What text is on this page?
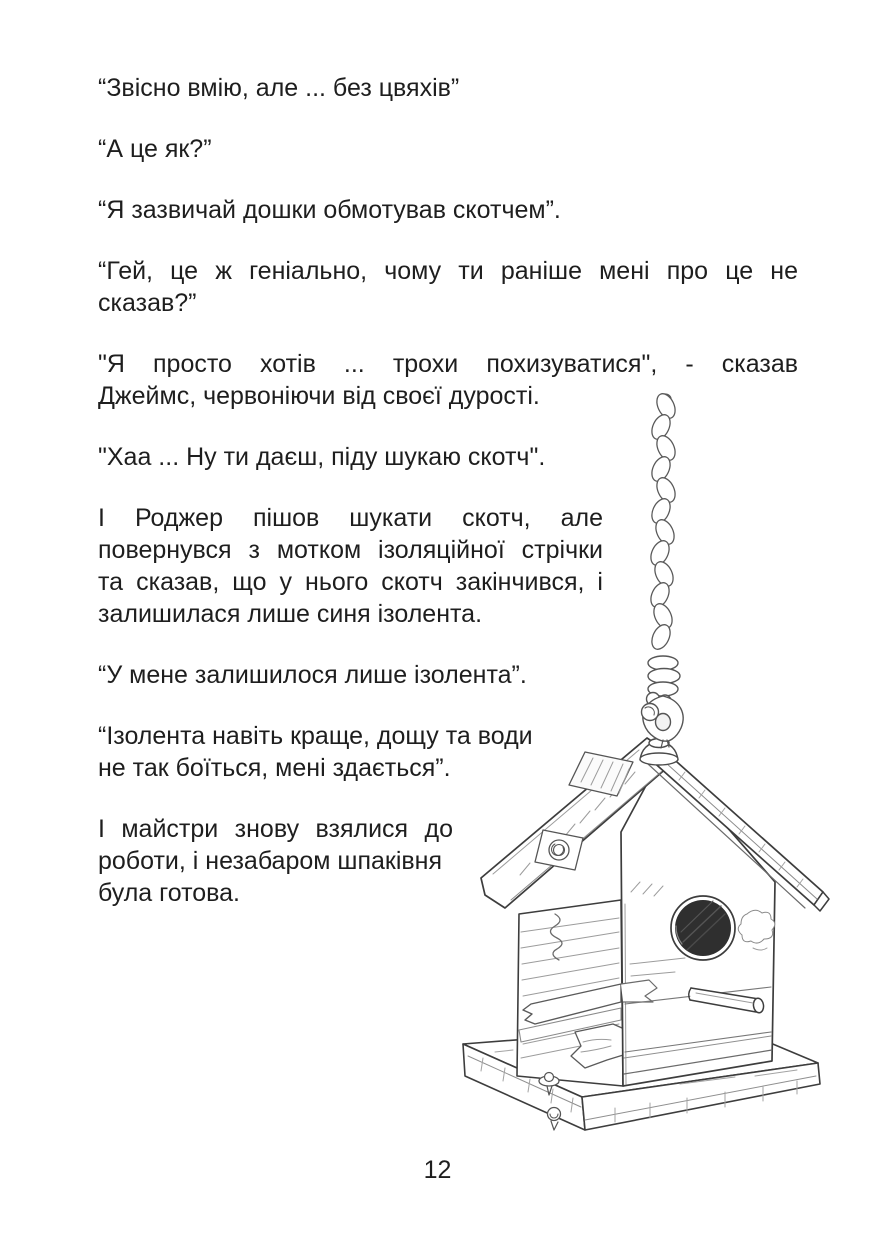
“Звісно вмію, але ... без цвяхів”
“А це як?”
“Я зазвичай дошки обмотував скотчем”.
“Гей, це ж геніально, чому ти раніше мені про це не
сказав?”
"Я просто хотів ... трохи похизуватися", - сказав
Джеймс, червоніючи від своєї дурості.
"Хаа ... Ну ти даєш, піду шукаю скотч".
І Роджер пішов шукати скотч, але
повернувся з мотком ізоляційної стрічки
та сказав, що у нього скотч закінчився, і
залишилася лише синя ізолента.
“У мене залишилося лише ізолента”.
“Ізолента навіть краще, дощу та води
не так боїться, мені здається”.
І майстри знову взялися до
роботи, і незабаром шпаківня
була готова.
12
